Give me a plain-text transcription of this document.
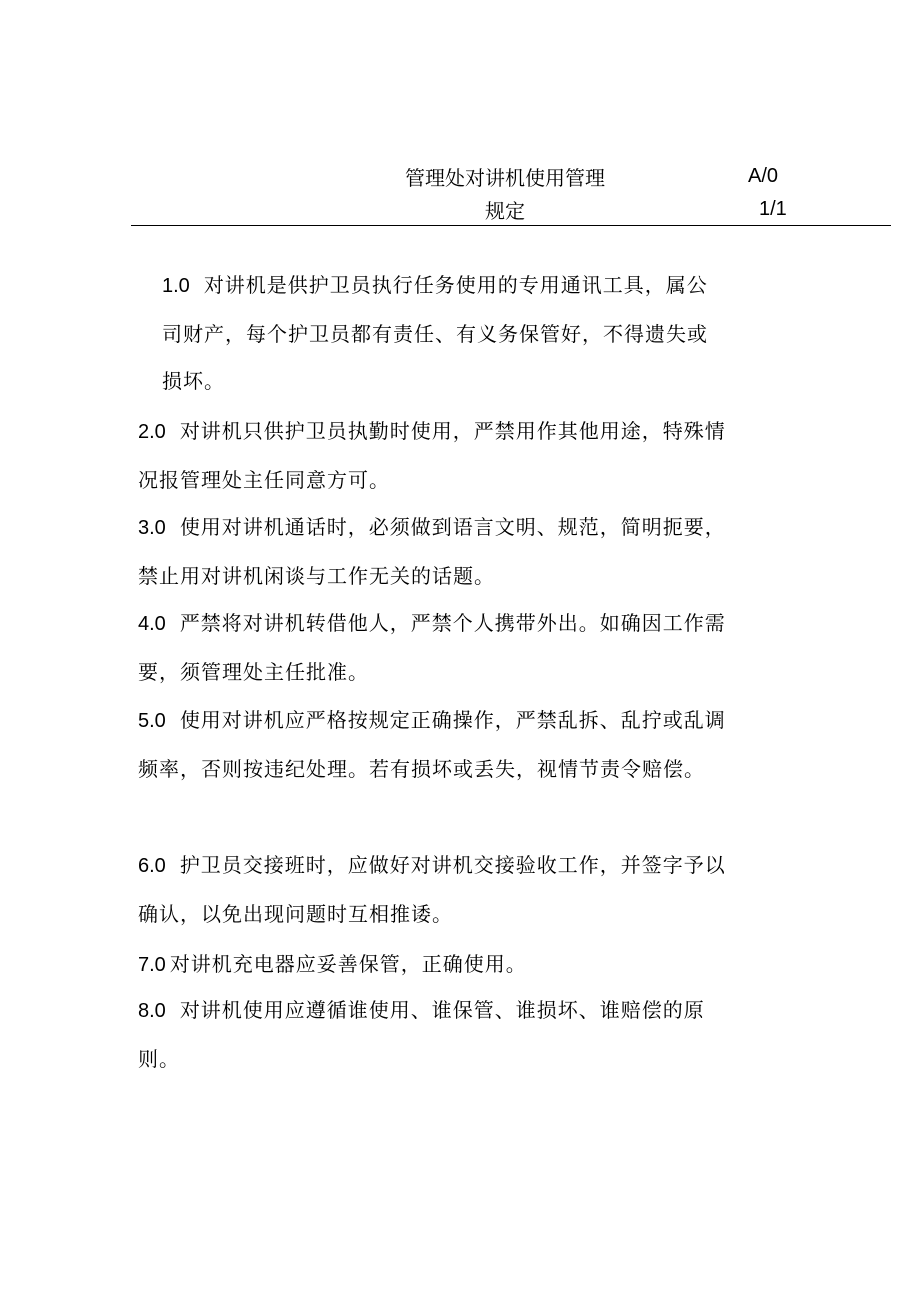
管理处对讲机使用管理
规定
A/0
1/1

1.0 对讲机是供护卫员执行任务使用的专用通讯工具，属公司财产，每个护卫员都有责任、有义务保管好，不得遗失或损坏。

2.0 对讲机只供护卫员执勤时使用，严禁用作其他用途，特殊情况报管理处主任同意方可。

3.0 使用对讲机通话时，必须做到语言文明、规范，简明扼要，禁止用对讲机闲谈与工作无关的话题。

4.0 严禁将对讲机转借他人，严禁个人携带外出。如确因工作需要，须管理处主任批准。

5.0 使用对讲机应严格按规定正确操作，严禁乱拆、乱拧或乱调频率，否则按违纪处理。若有损坏或丢失，视情节责令赔偿。

6.0 护卫员交接班时，应做好对讲机交接验收工作，并签字予以确认，以免出现问题时互相推诿。

7.0 对讲机充电器应妥善保管，正确使用。

8.0 对讲机使用应遵循谁使用、谁保管、谁损坏、谁赔偿的原则。
